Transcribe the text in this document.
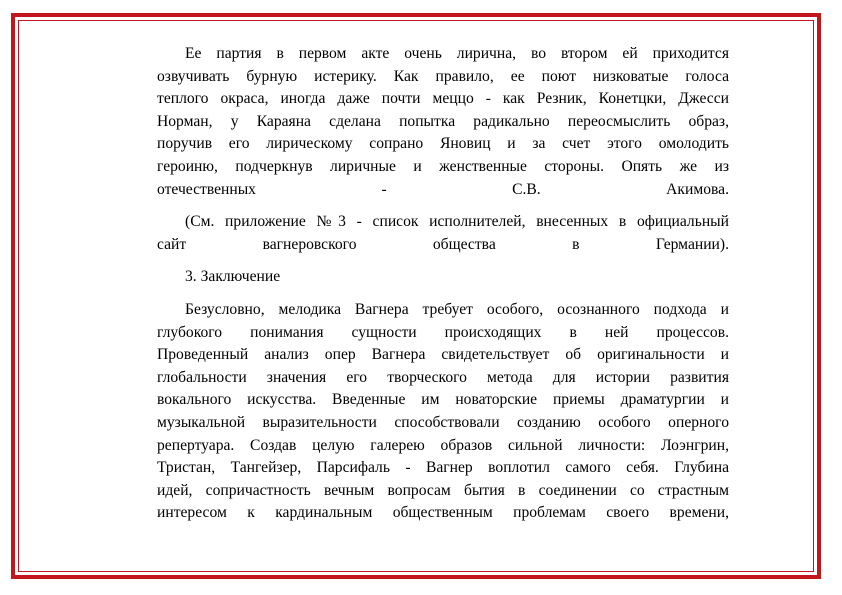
Ее партия в первом акте очень лирична, во втором ей приходится
озвучивать бурную истерику. Как правило, ее поют низковатые голоса
теплого окраса, иногда даже почти меццо - как Резник, Конетцки, Джесси
Норман, у Караяна сделана попытка радикально переосмыслить образ,
поручив его лирическому сопрано Яновиц и за счет этого омолодить
героиню, подчеркнув лиричные и женственные стороны. Опять же из
отечественных - С.В. Акимова.
(См. приложение №3 - список исполнителей, внесенных в официальный
сайт вагнеровского общества в Германии).

3. Заключение

Безусловно, мелодика Вагнера требует особого, осознанного подхода и
глубокого понимания сущности происходящих в ней процессов.
Проведенный анализ опер Вагнера свидетельствует об оригинальности и
глобальности значения его творческого метода для истории развития
вокального искусства. Введенные им новаторские приемы драматургии и
музыкальной выразительности способствовали созданию особого оперного
репертуара. Создав целую галерею образов сильной личности: Лоэнгрин,
Тристан, Тангейзер, Парсифаль - Вагнер воплотил самого себя. Глубина
идей, сопричастность вечным вопросам бытия в соединении со страстным
интересом к кардинальным общественным проблемам своего времени,
